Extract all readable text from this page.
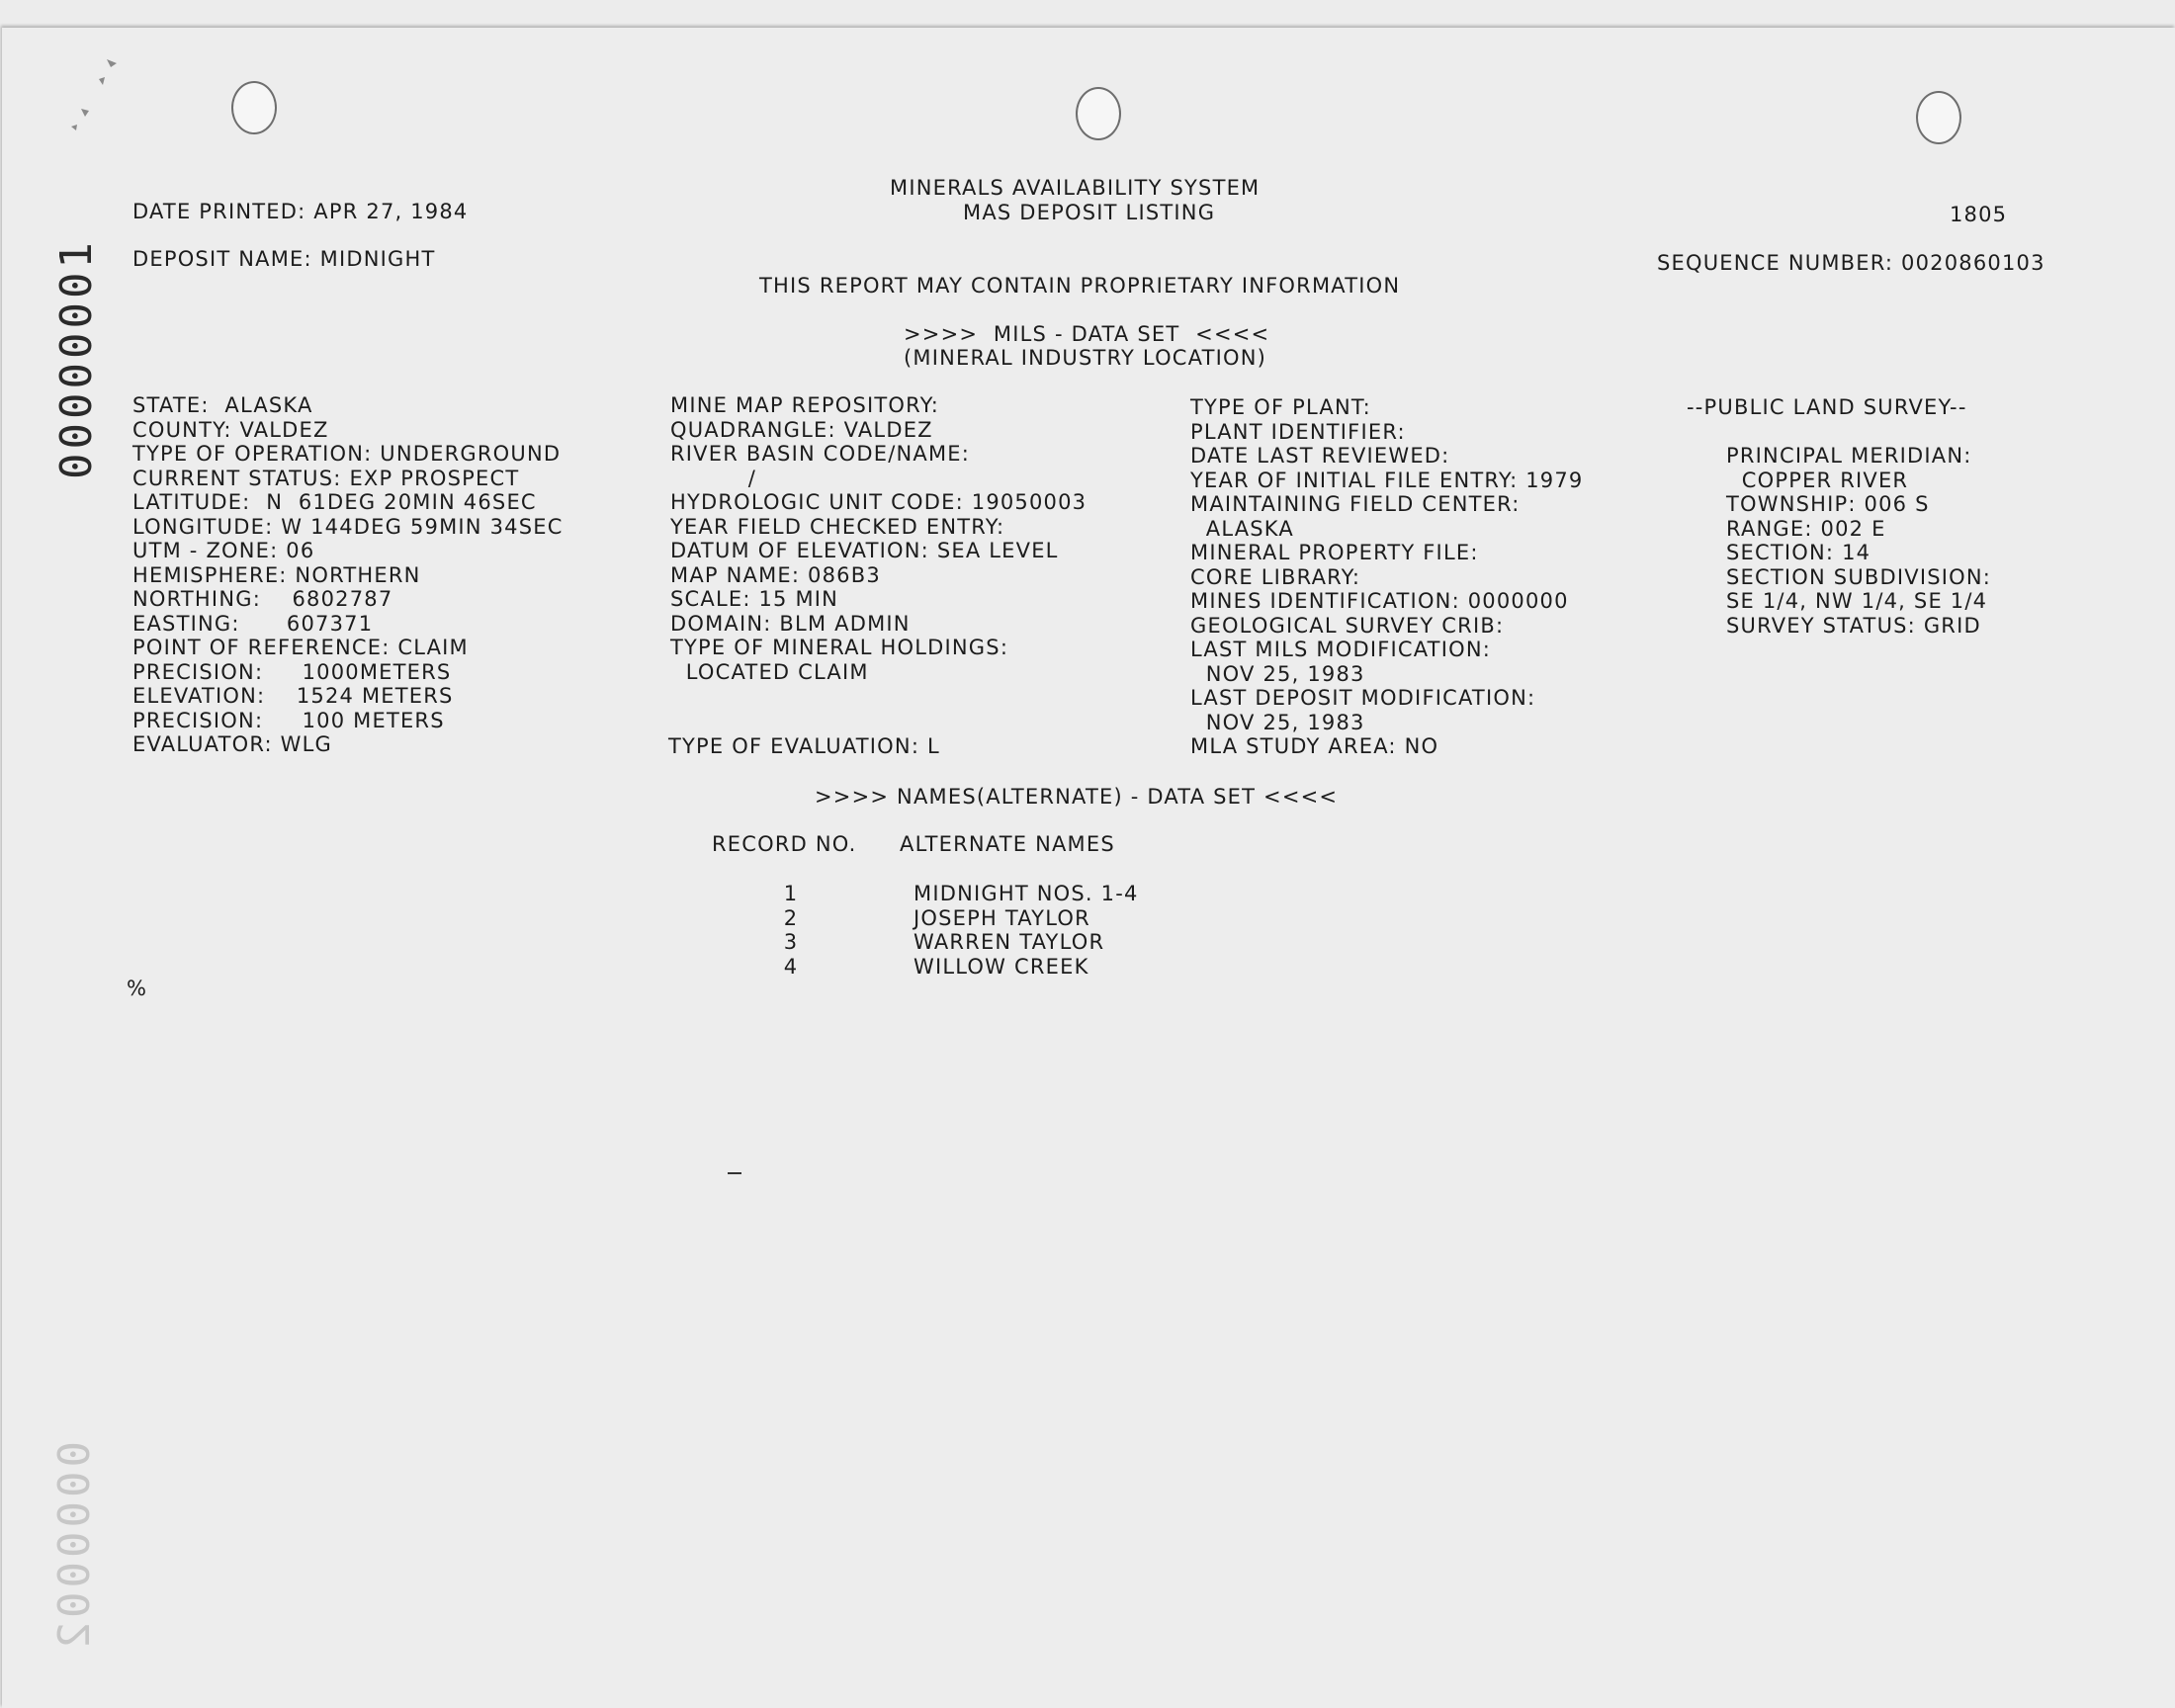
00000001
0000002
MINERALS AVAILABILITY SYSTEM
MAS DEPOSIT LISTING
DATE PRINTED: APR 27, 1984	1805
DEPOSIT NAME: MIDNIGHT	SEQUENCE NUMBER: 0020860103
THIS REPORT MAY CONTAIN PROPRIETARY INFORMATION
>>>>  MILS - DATA SET  <<<<
(MINERAL INDUSTRY LOCATION)
STATE:  ALASKA
COUNTY: VALDEZ
TYPE OF OPERATION: UNDERGROUND
CURRENT STATUS: EXP PROSPECT
LATITUDE:  N  61DEG 20MIN 46SEC
LONGITUDE: W 144DEG 59MIN 34SEC
UTM - ZONE: 06
HEMISPHERE: NORTHERN
NORTHING:    6802787
EASTING:      607371
POINT OF REFERENCE: CLAIM
PRECISION:     1000METERS
ELEVATION:    1524 METERS
PRECISION:     100 METERS
EVALUATOR: WLG
MINE MAP REPOSITORY:
QUADRANGLE: VALDEZ
RIVER BASIN CODE/NAME:
/
HYDROLOGIC UNIT CODE: 19050003
YEAR FIELD CHECKED ENTRY:
DATUM OF ELEVATION: SEA LEVEL
MAP NAME: 086B3
SCALE: 15 MIN
DOMAIN: BLM ADMIN
TYPE OF MINERAL HOLDINGS:
LOCATED CLAIM
TYPE OF EVALUATION: L
TYPE OF PLANT:
PLANT IDENTIFIER:
DATE LAST REVIEWED:
YEAR OF INITIAL FILE ENTRY: 1979
MAINTAINING FIELD CENTER:
ALASKA
MINERAL PROPERTY FILE:
CORE LIBRARY:
MINES IDENTIFICATION: 0000000
GEOLOGICAL SURVEY CRIB:
LAST MILS MODIFICATION:
NOV 25, 1983
LAST DEPOSIT MODIFICATION:
NOV 25, 1983
MLA STUDY AREA: NO
--PUBLIC LAND SURVEY--
PRINCIPAL MERIDIAN:
COPPER RIVER
TOWNSHIP: 006 S
RANGE: 002 E
SECTION: 14
SECTION SUBDIVISION:
SE 1/4, NW 1/4, SE 1/4
SURVEY STATUS: GRID
>>>> NAMES(ALTERNATE) - DATA SET <<<<
RECORD NO. ALTERNATE NAMES
1	MIDNIGHT NOS. 1-4
2	JOSEPH TAYLOR
3	WARREN TAYLOR
4	WILLOW CREEK
%
